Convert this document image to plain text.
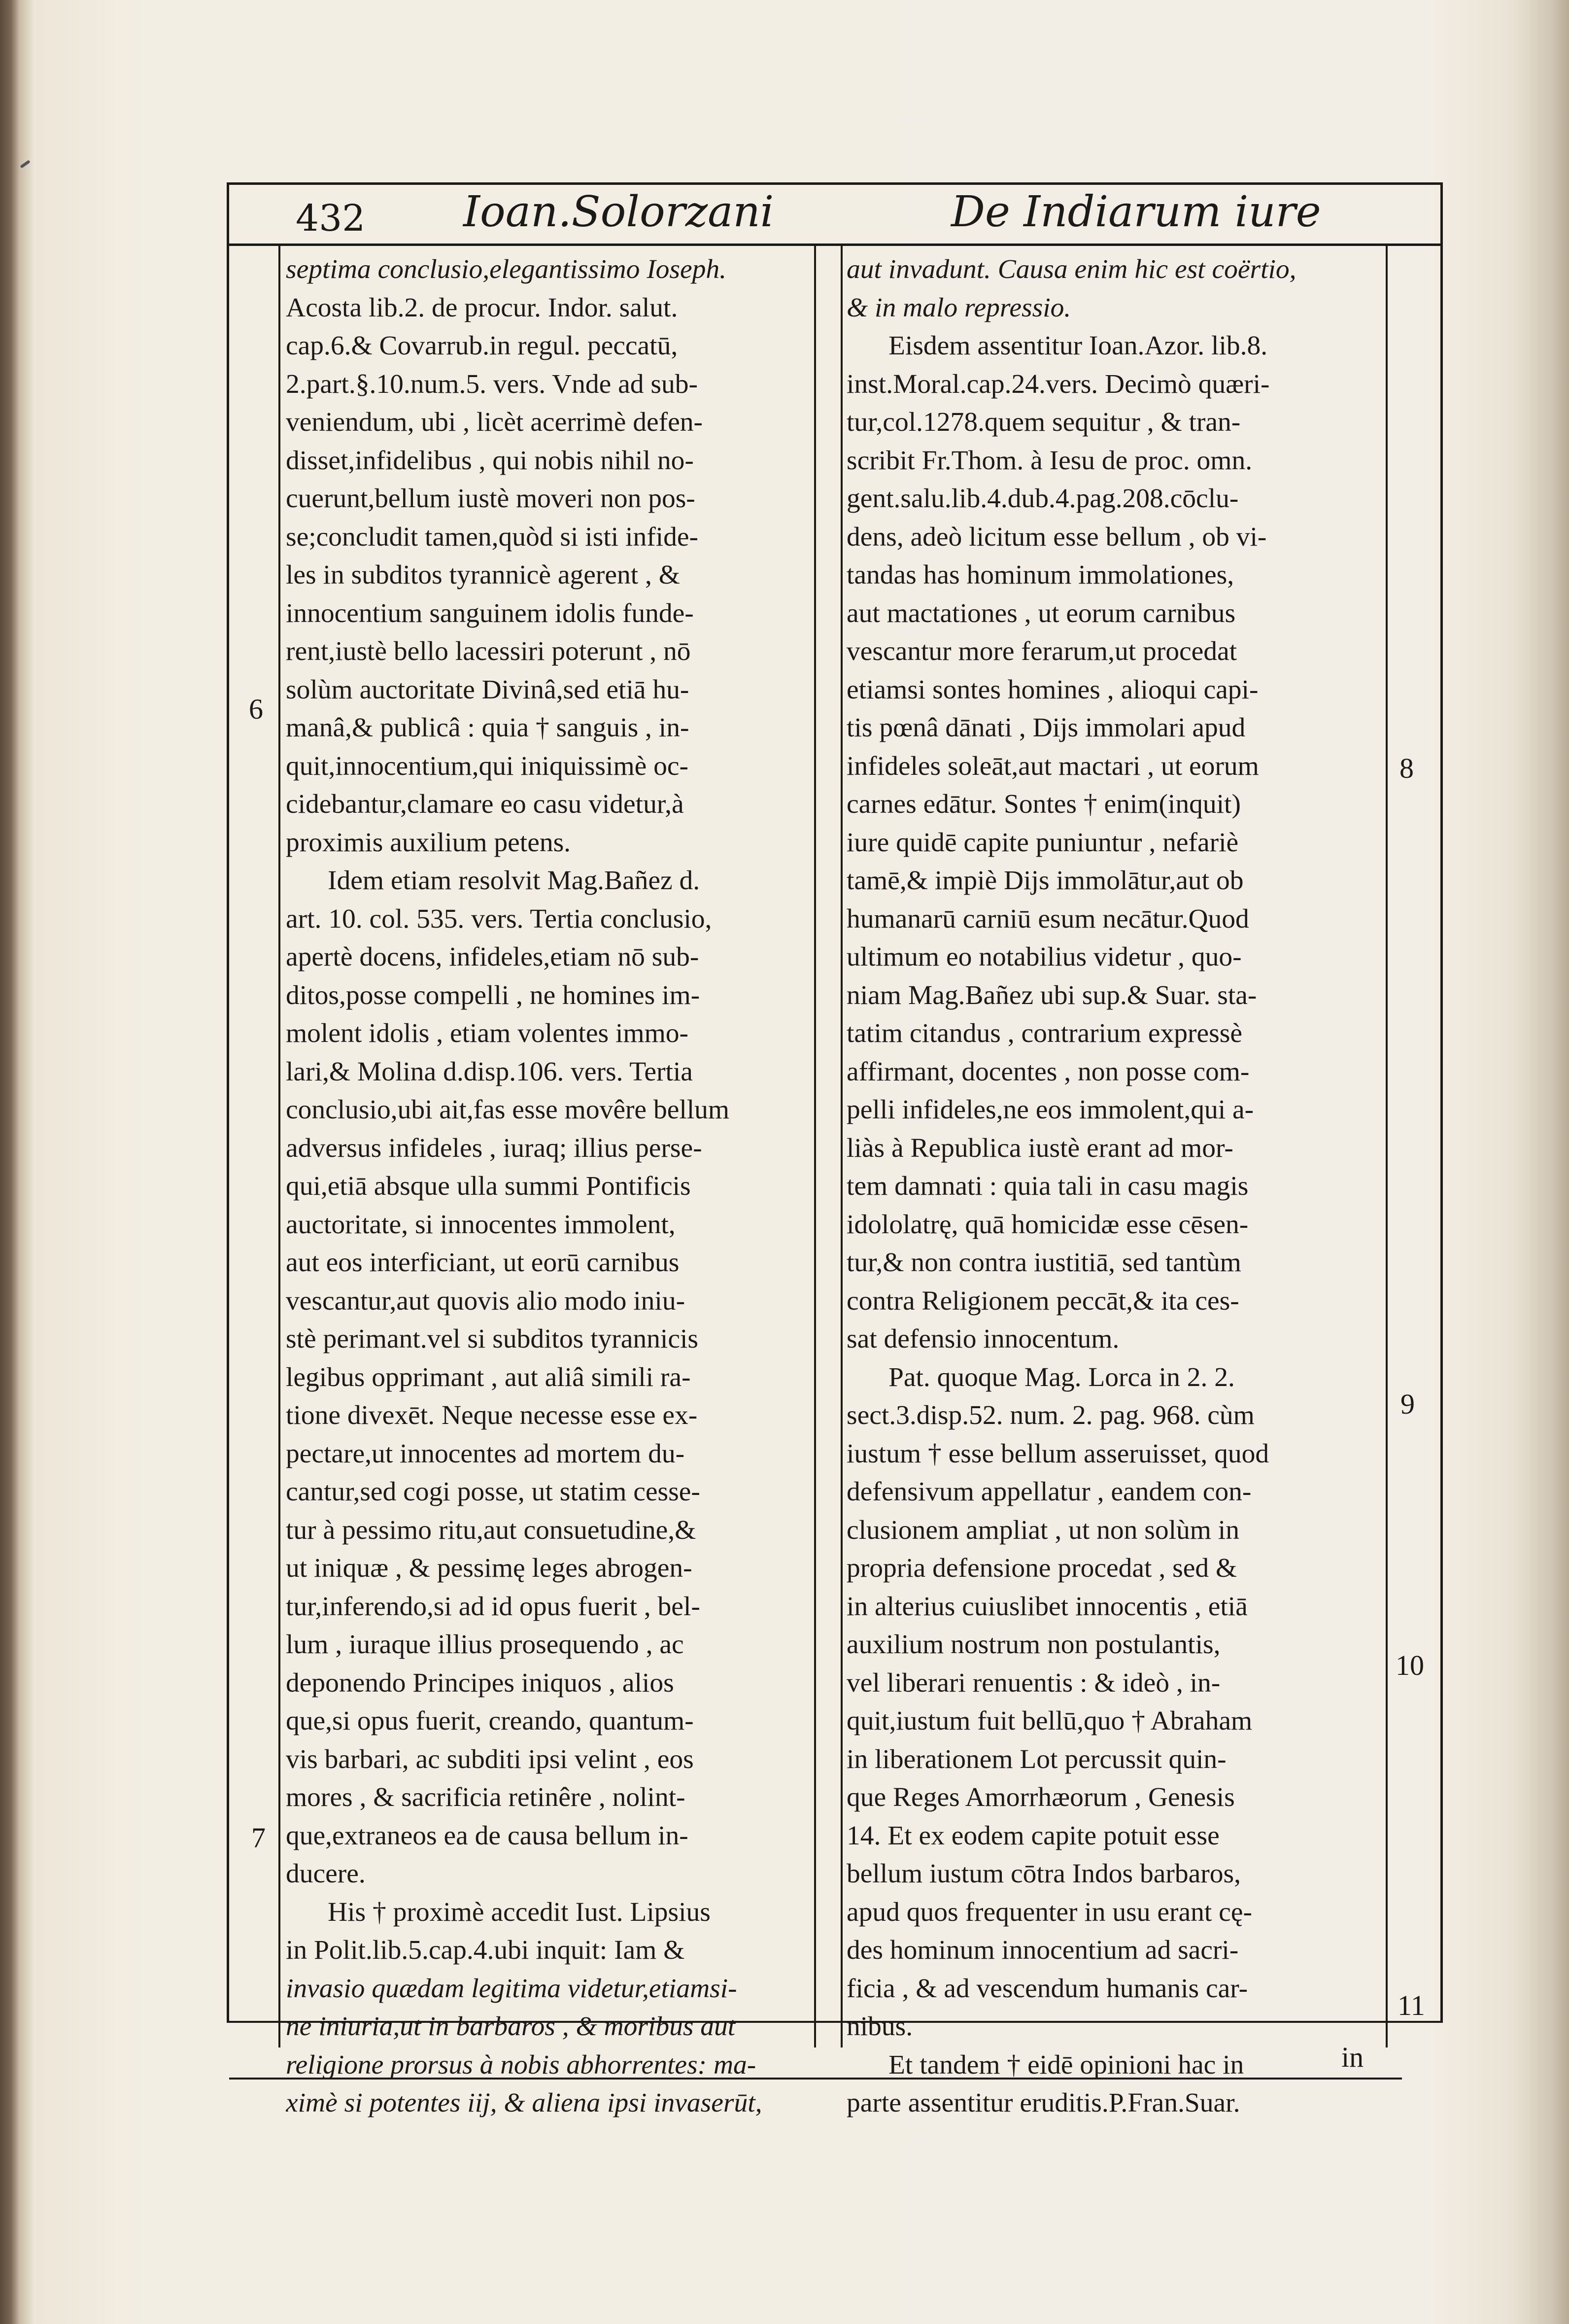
432 Ioan.Solorzani	De Indiarum iure
septima conclusio,elegantissimo Ioseph.
Acosta lib.2. de procur. Indor. salut.
cap.6.& Covarrub.in regul. peccatū,
2.part.§.10.num.5. vers. Vnde ad sub-
veniendum, ubi , licèt acerrimè defen-
disset,infidelibus , qui nobis nihil no-
cuerunt,bellum iustè moveri non pos-
se;concludit tamen,quòd si isti infide-
les in subditos tyrannicè agerent , &
innocentium sanguinem idolis funde-
rent,iustè bello lacessiri poterunt , nō
solùm auctoritate Divinâ,sed etiā hu-
manâ,& publicâ : quia † sanguis , in-
quit,innocentium,qui iniquissimè oc-
cidebantur,clamare eo casu videtur,à
proximis auxilium petens.
Idem etiam resolvit Mag.Bañez d.
art. 10. col. 535. vers. Tertia conclusio,
apertè docens, infideles,etiam nō sub-
ditos,posse compelli , ne homines im-
molent idolis , etiam volentes immo-
lari,& Molina d.disp.106. vers. Tertia
conclusio,ubi ait,fas esse movêre bellum
adversus infideles , iuraq; illius perse-
qui,etiā absque ulla summi Pontificis
auctoritate, si innocentes immolent,
aut eos interficiant, ut eorū carnibus
vescantur,aut quovis alio modo iniu-
stè perimant.vel si subditos tyrannicis
legibus opprimant , aut aliâ simili ra-
tione divexēt. Neque necesse esse ex-
pectare,ut innocentes ad mortem du-
cantur,sed cogi posse, ut statim cesse-
tur à pessimo ritu,aut consuetudine,&
ut iniquæ , & pessimę leges abrogen-
tur,inferendo,si ad id opus fuerit , bel-
lum , iuraque illius prosequendo , ac
deponendo Principes iniquos , alios
que,si opus fuerit, creando, quantum-
vis barbari, ac subditi ipsi velint , eos
mores , & sacrificia retinêre , nolint-
que,extraneos ea de causa bellum in-
ducere.
His † proximè accedit Iust. Lipsius
in Polit.lib.5.cap.4.ubi inquit: Iam &
invasio quædam legitima videtur,etiamsi-
ne iniuria,ut in barbaros , & moribus aut
religione prorsus à nobis abhorrentes: ma-
ximè si potentes iij, & aliena ipsi invaserūt,
aut invadunt. Causa enim hic est coërtio,
& in malo repressio.
Eisdem assentitur Ioan.Azor. lib.8.
inst.Moral.cap.24.vers. Decimò quæri-
tur,col.1278.quem sequitur , & tran-
scribit Fr.Thom. à Iesu de proc. omn.
gent.salu.lib.4.dub.4.pag.208.cōclu-
dens, adeò licitum esse bellum , ob vi-
tandas has hominum immolationes,
aut mactationes , ut eorum carnibus
vescantur more ferarum,ut procedat
etiamsi sontes homines , alioqui capi-
tis pœnâ dānati , Dijs immolari apud
infideles soleāt,aut mactari , ut eorum
carnes edātur. Sontes † enim(inquit)
iure quidē capite puniuntur , nefariè
tamē,& impiè Dijs immolātur,aut ob
humanarū carniū esum necātur.Quod
ultimum eo notabilius videtur , quo-
niam Mag.Bañez ubi sup.& Suar. sta-
tatim citandus , contrarium expressè
affirmant, docentes , non posse com-
pelli infideles,ne eos immolent,qui a-
liàs à Republica iustè erant ad mor-
tem damnati : quia tali in casu magis
idololatrę, quā homicidæ esse cēsen-
tur,& non contra iustitiā, sed tantùm
contra Religionem peccāt,& ita ces-
sat defensio innocentum.
Pat. quoque Mag. Lorca in 2. 2.
sect.3.disp.52. num. 2. pag. 968. cùm
iustum † esse bellum asseruisset, quod
defensivum appellatur , eandem con-
clusionem ampliat , ut non solùm in
propria defensione procedat , sed &
in alterius cuiuslibet innocentis , etiā
auxilium nostrum non postulantis,
vel liberari renuentis : & ideò , in-
quit,iustum fuit bellū,quo † Abraham
in liberationem Lot percussit quin-
que Reges Amorrhæorum , Genesis
14. Et ex eodem capite potuit esse
bellum iustum cōtra Indos barbaros,
apud quos frequenter in usu erant cę-
des hominum innocentium ad sacri-
ficia , & ad vescendum humanis car-
nibus.
Et tandem † eidē opinioni hac in
parte assentitur eruditis.P.Fran.Suar.
6
7
8
9
10
11
in
